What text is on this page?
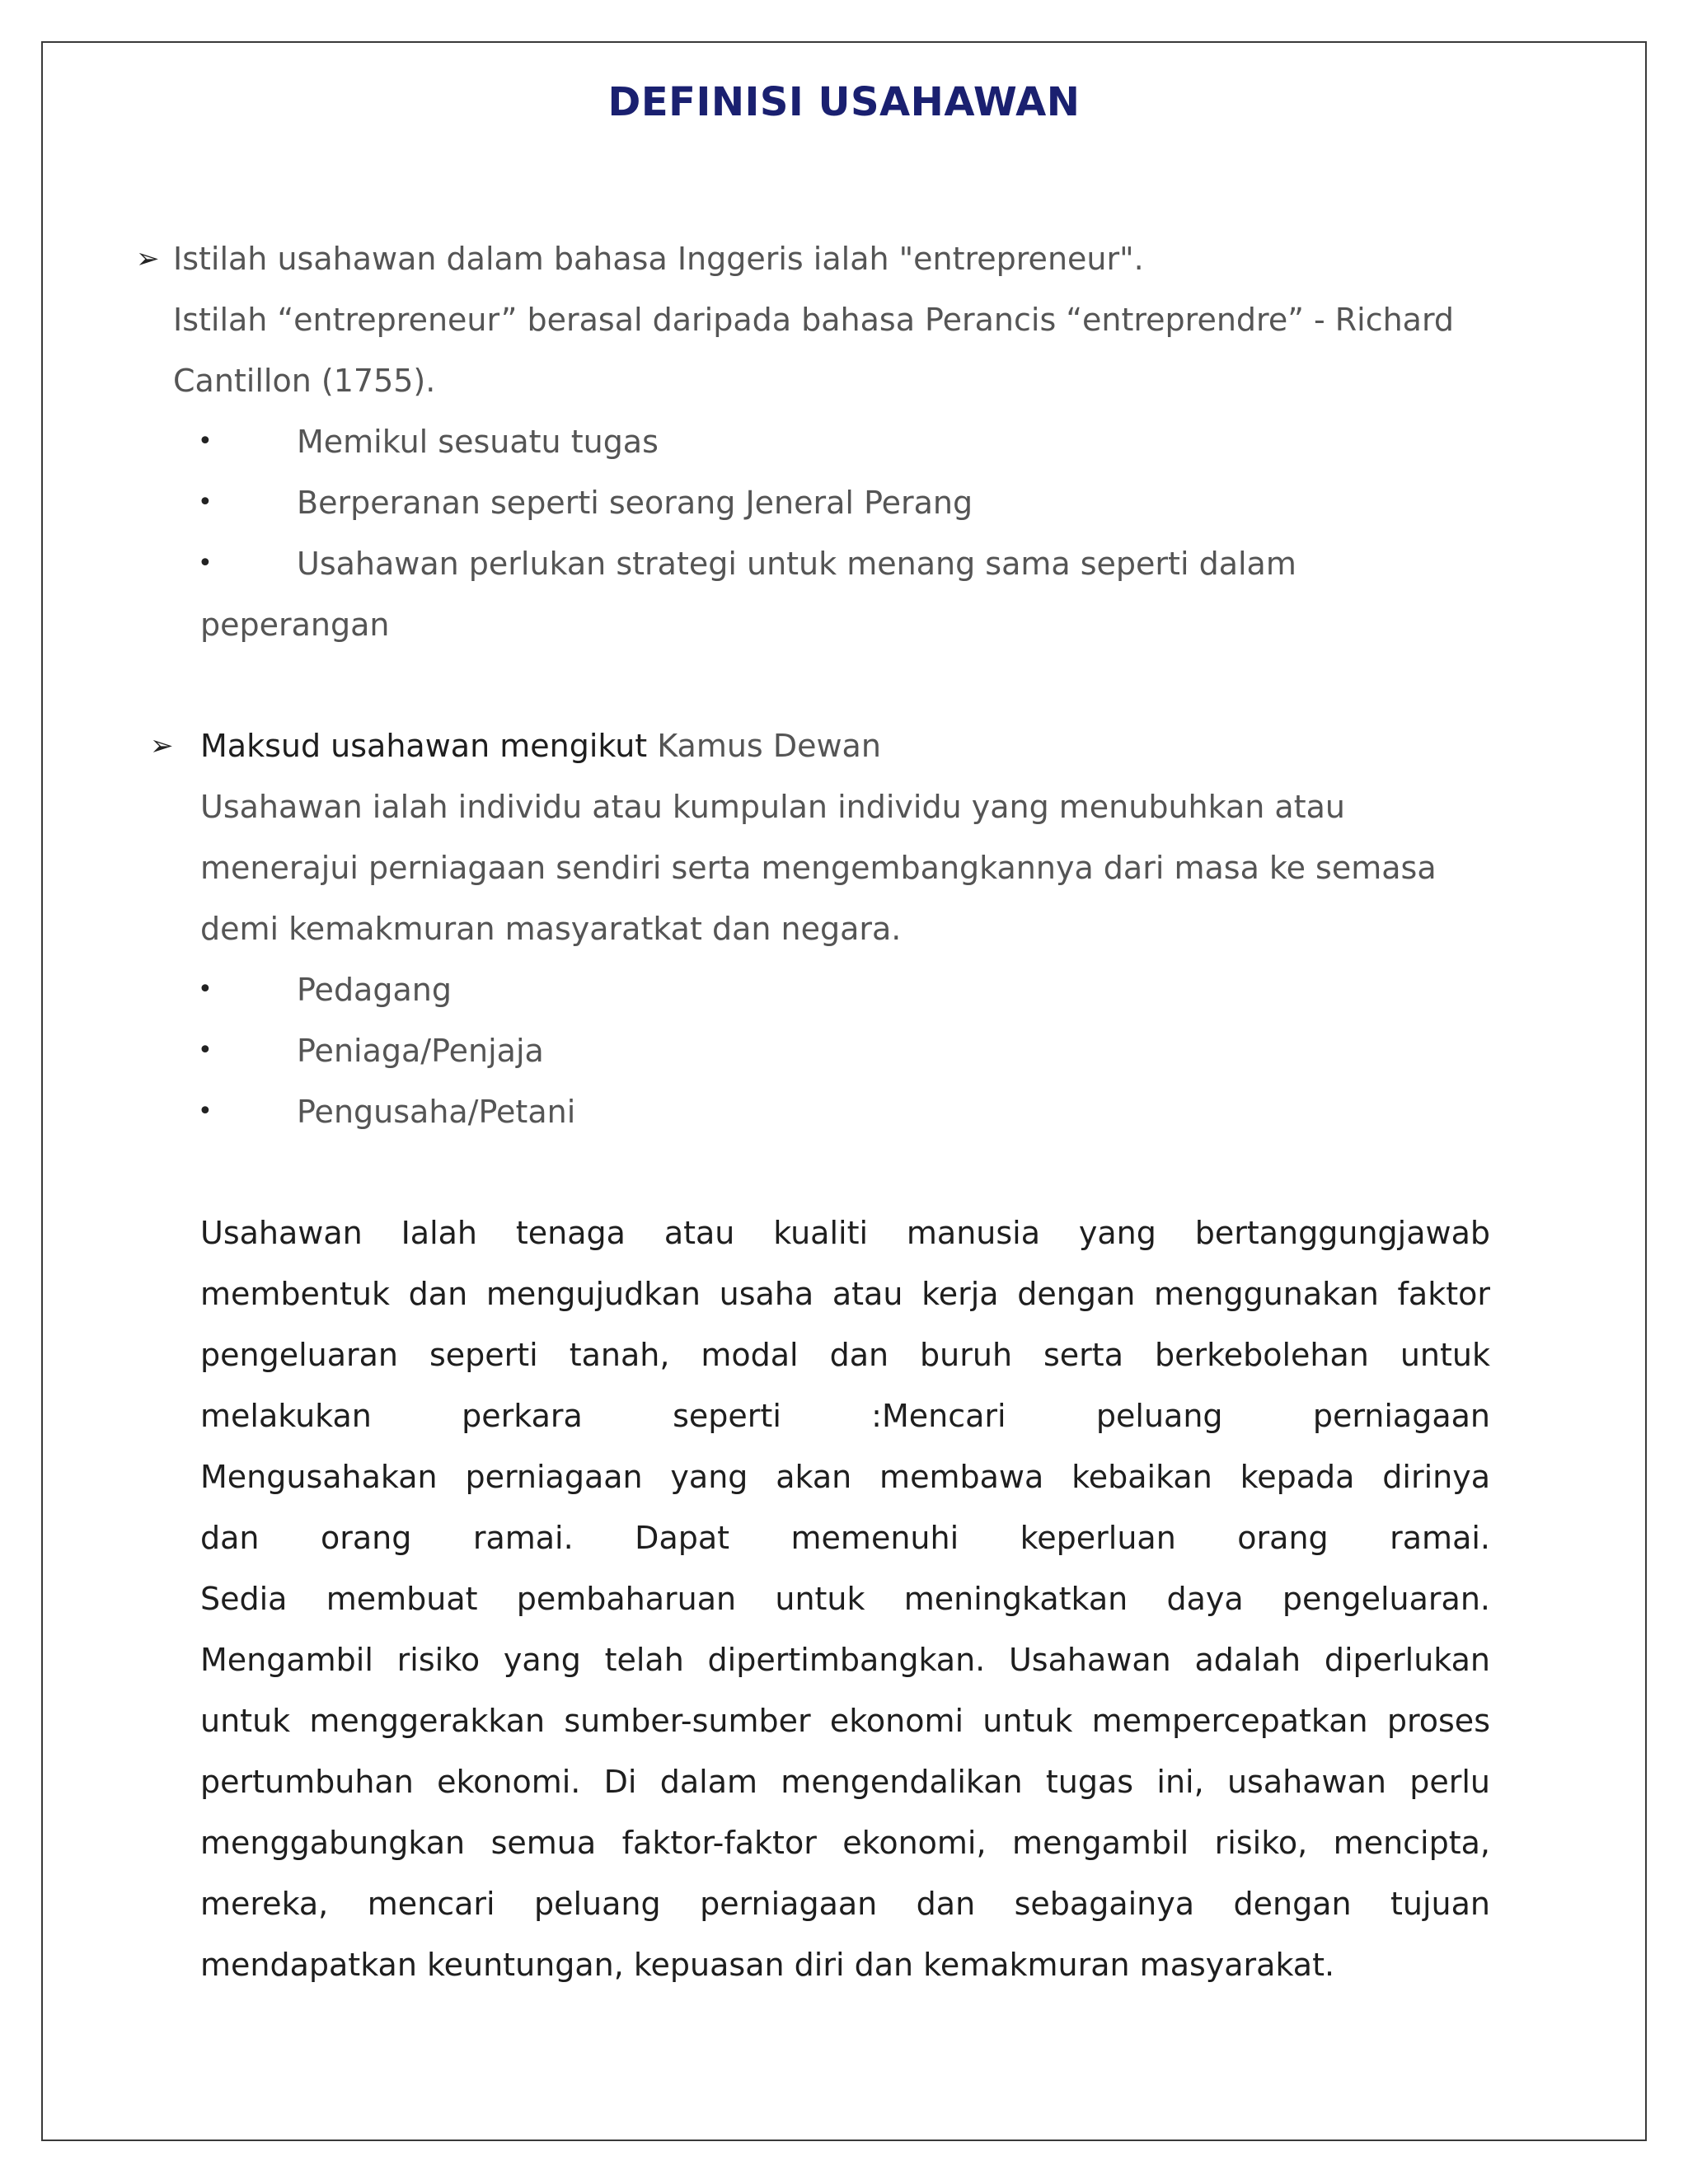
DEFINISI USAHAWAN
➢ Istilah usahawan dalam bahasa Inggeris ialah "entrepreneur".
Istilah “entrepreneur” berasal daripada bahasa Perancis “entreprendre” - Richard
Cantillon (1755).
•	Memikul sesuatu tugas
•	Berperanan seperti seorang Jeneral Perang
•	Usahawan perlukan strategi untuk menang sama seperti dalam
peperangan
➢ Maksud usahawan mengikut Kamus Dewan
Usahawan ialah individu atau kumpulan individu yang menubuhkan atau
menerajui perniagaan sendiri serta mengembangkannya dari masa ke semasa
demi kemakmuran masyaratkat dan negara.
•	Pedagang
•	Peniaga/Penjaja
•	Pengusaha/Petani
Usahawan Ialah tenaga atau kualiti manusia yang bertanggungjawab
membentuk dan mengujudkan usaha atau kerja dengan menggunakan faktor
pengeluaran seperti tanah, modal dan buruh serta berkebolehan untuk
melakukan perkara seperti :Mencari peluang perniagaan
Mengusahakan perniagaan yang akan membawa kebaikan kepada dirinya
dan orang ramai. Dapat memenuhi keperluan orang ramai.
Sedia membuat pembaharuan untuk meningkatkan daya pengeluaran.
Mengambil risiko yang telah dipertimbangkan. Usahawan adalah diperlukan
untuk menggerakkan sumber-sumber ekonomi untuk mempercepatkan proses
pertumbuhan ekonomi. Di dalam mengendalikan tugas ini, usahawan perlu
menggabungkan semua faktor-faktor ekonomi, mengambil risiko, mencipta,
mereka, mencari peluang perniagaan dan sebagainya dengan tujuan
mendapatkan keuntungan, kepuasan diri dan kemakmuran masyarakat.
